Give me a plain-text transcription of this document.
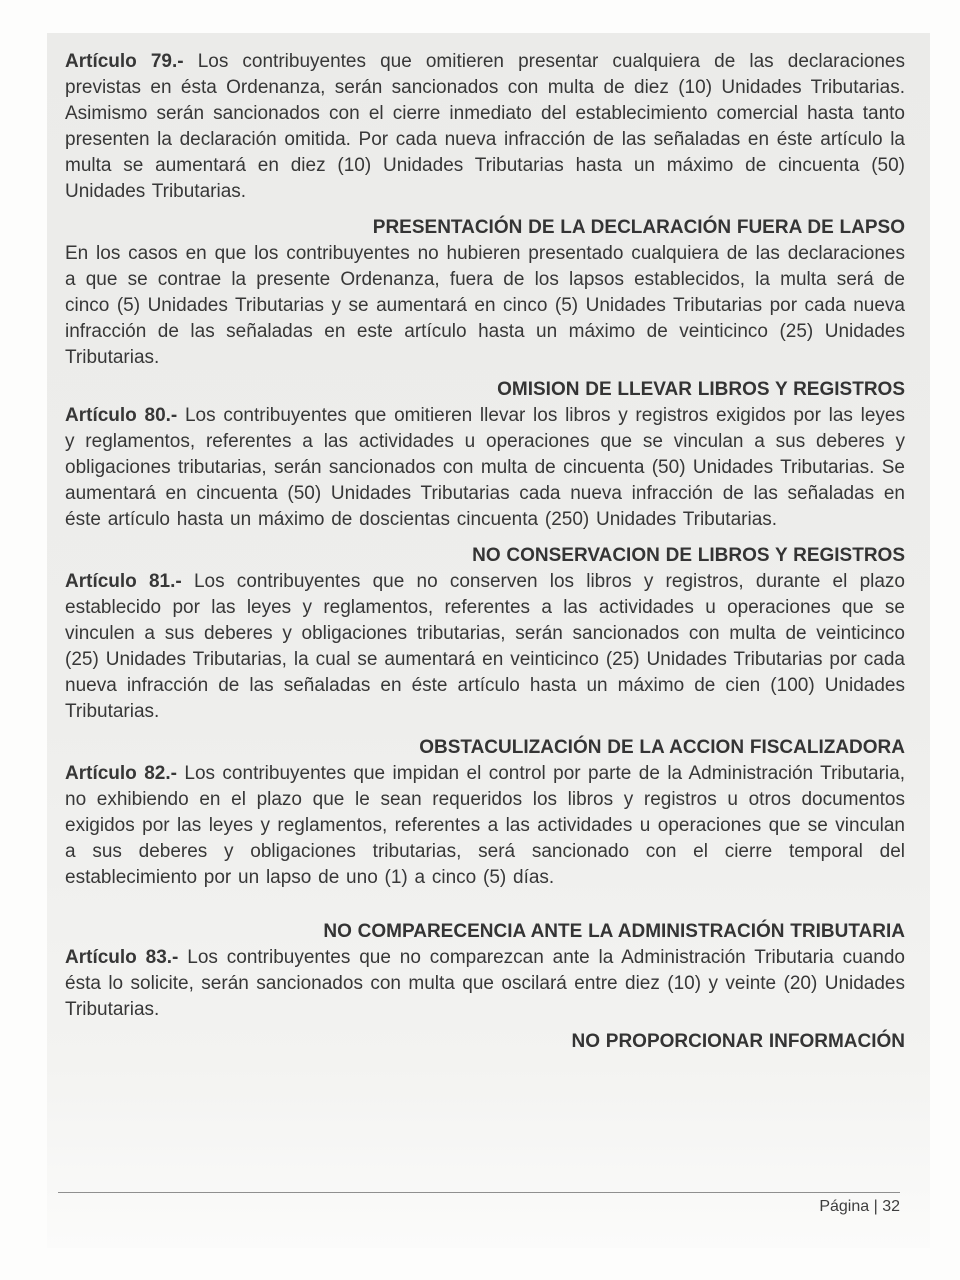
Artículo 79.- Los contribuyentes que omitieren presentar cualquiera de las declaraciones previstas en ésta Ordenanza, serán sancionados con multa de diez (10) Unidades Tributarias. Asimismo serán sancionados con el cierre inmediato del establecimiento comercial hasta tanto presenten la declaración omitida. Por cada nueva infracción de las señaladas en éste artículo la multa se aumentará en diez (10) Unidades Tributarias hasta un máximo de cincuenta (50) Unidades Tributarias.

PRESENTACIÓN DE LA DECLARACIÓN FUERA DE LAPSO

En los casos en que los contribuyentes no hubieren presentado cualquiera de las declaraciones a que se contrae la presente Ordenanza, fuera de los lapsos establecidos, la multa será de cinco (5) Unidades Tributarias y se aumentará en cinco (5) Unidades Tributarias por cada nueva infracción de las señaladas en este artículo hasta un máximo de veinticinco (25) Unidades Tributarias.

OMISION DE LLEVAR LIBROS Y REGISTROS

Artículo 80.- Los contribuyentes que omitieren llevar los libros y registros exigidos por las leyes y reglamentos, referentes a las actividades u operaciones que se vinculan a sus deberes y obligaciones tributarias, serán sancionados con multa de cincuenta (50) Unidades Tributarias. Se aumentará en cincuenta (50) Unidades Tributarias cada nueva infracción de las señaladas en éste artículo hasta un máximo de doscientas cincuenta (250) Unidades Tributarias.

NO CONSERVACION DE LIBROS Y REGISTROS

Artículo 81.- Los contribuyentes que no conserven los libros y registros, durante el plazo establecido por las leyes y reglamentos, referentes a las actividades u operaciones que se vinculen a sus deberes y obligaciones tributarias, serán sancionados con multa de veinticinco (25) Unidades Tributarias, la cual se aumentará en veinticinco (25) Unidades Tributarias por cada nueva infracción de las señaladas en éste artículo hasta un máximo de cien (100) Unidades Tributarias.

OBSTACULIZACIÓN DE LA ACCION FISCALIZADORA

Artículo 82.- Los contribuyentes que impidan el control por parte de la Administración Tributaria, no exhibiendo en el plazo que le sean requeridos los libros y registros u otros documentos exigidos por las leyes y reglamentos, referentes a las actividades u operaciones que se vinculan a sus deberes y obligaciones tributarias, será sancionado con el cierre temporal del establecimiento por un lapso de uno (1) a cinco (5) días.

NO COMPARECENCIA ANTE LA ADMINISTRACIÓN TRIBUTARIA

Artículo 83.- Los contribuyentes que no comparezcan ante la Administración Tributaria cuando ésta lo solicite, serán sancionados con multa que oscilará entre diez (10) y veinte (20) Unidades Tributarias.

NO PROPORCIONAR INFORMACIÓN
Página | 32
